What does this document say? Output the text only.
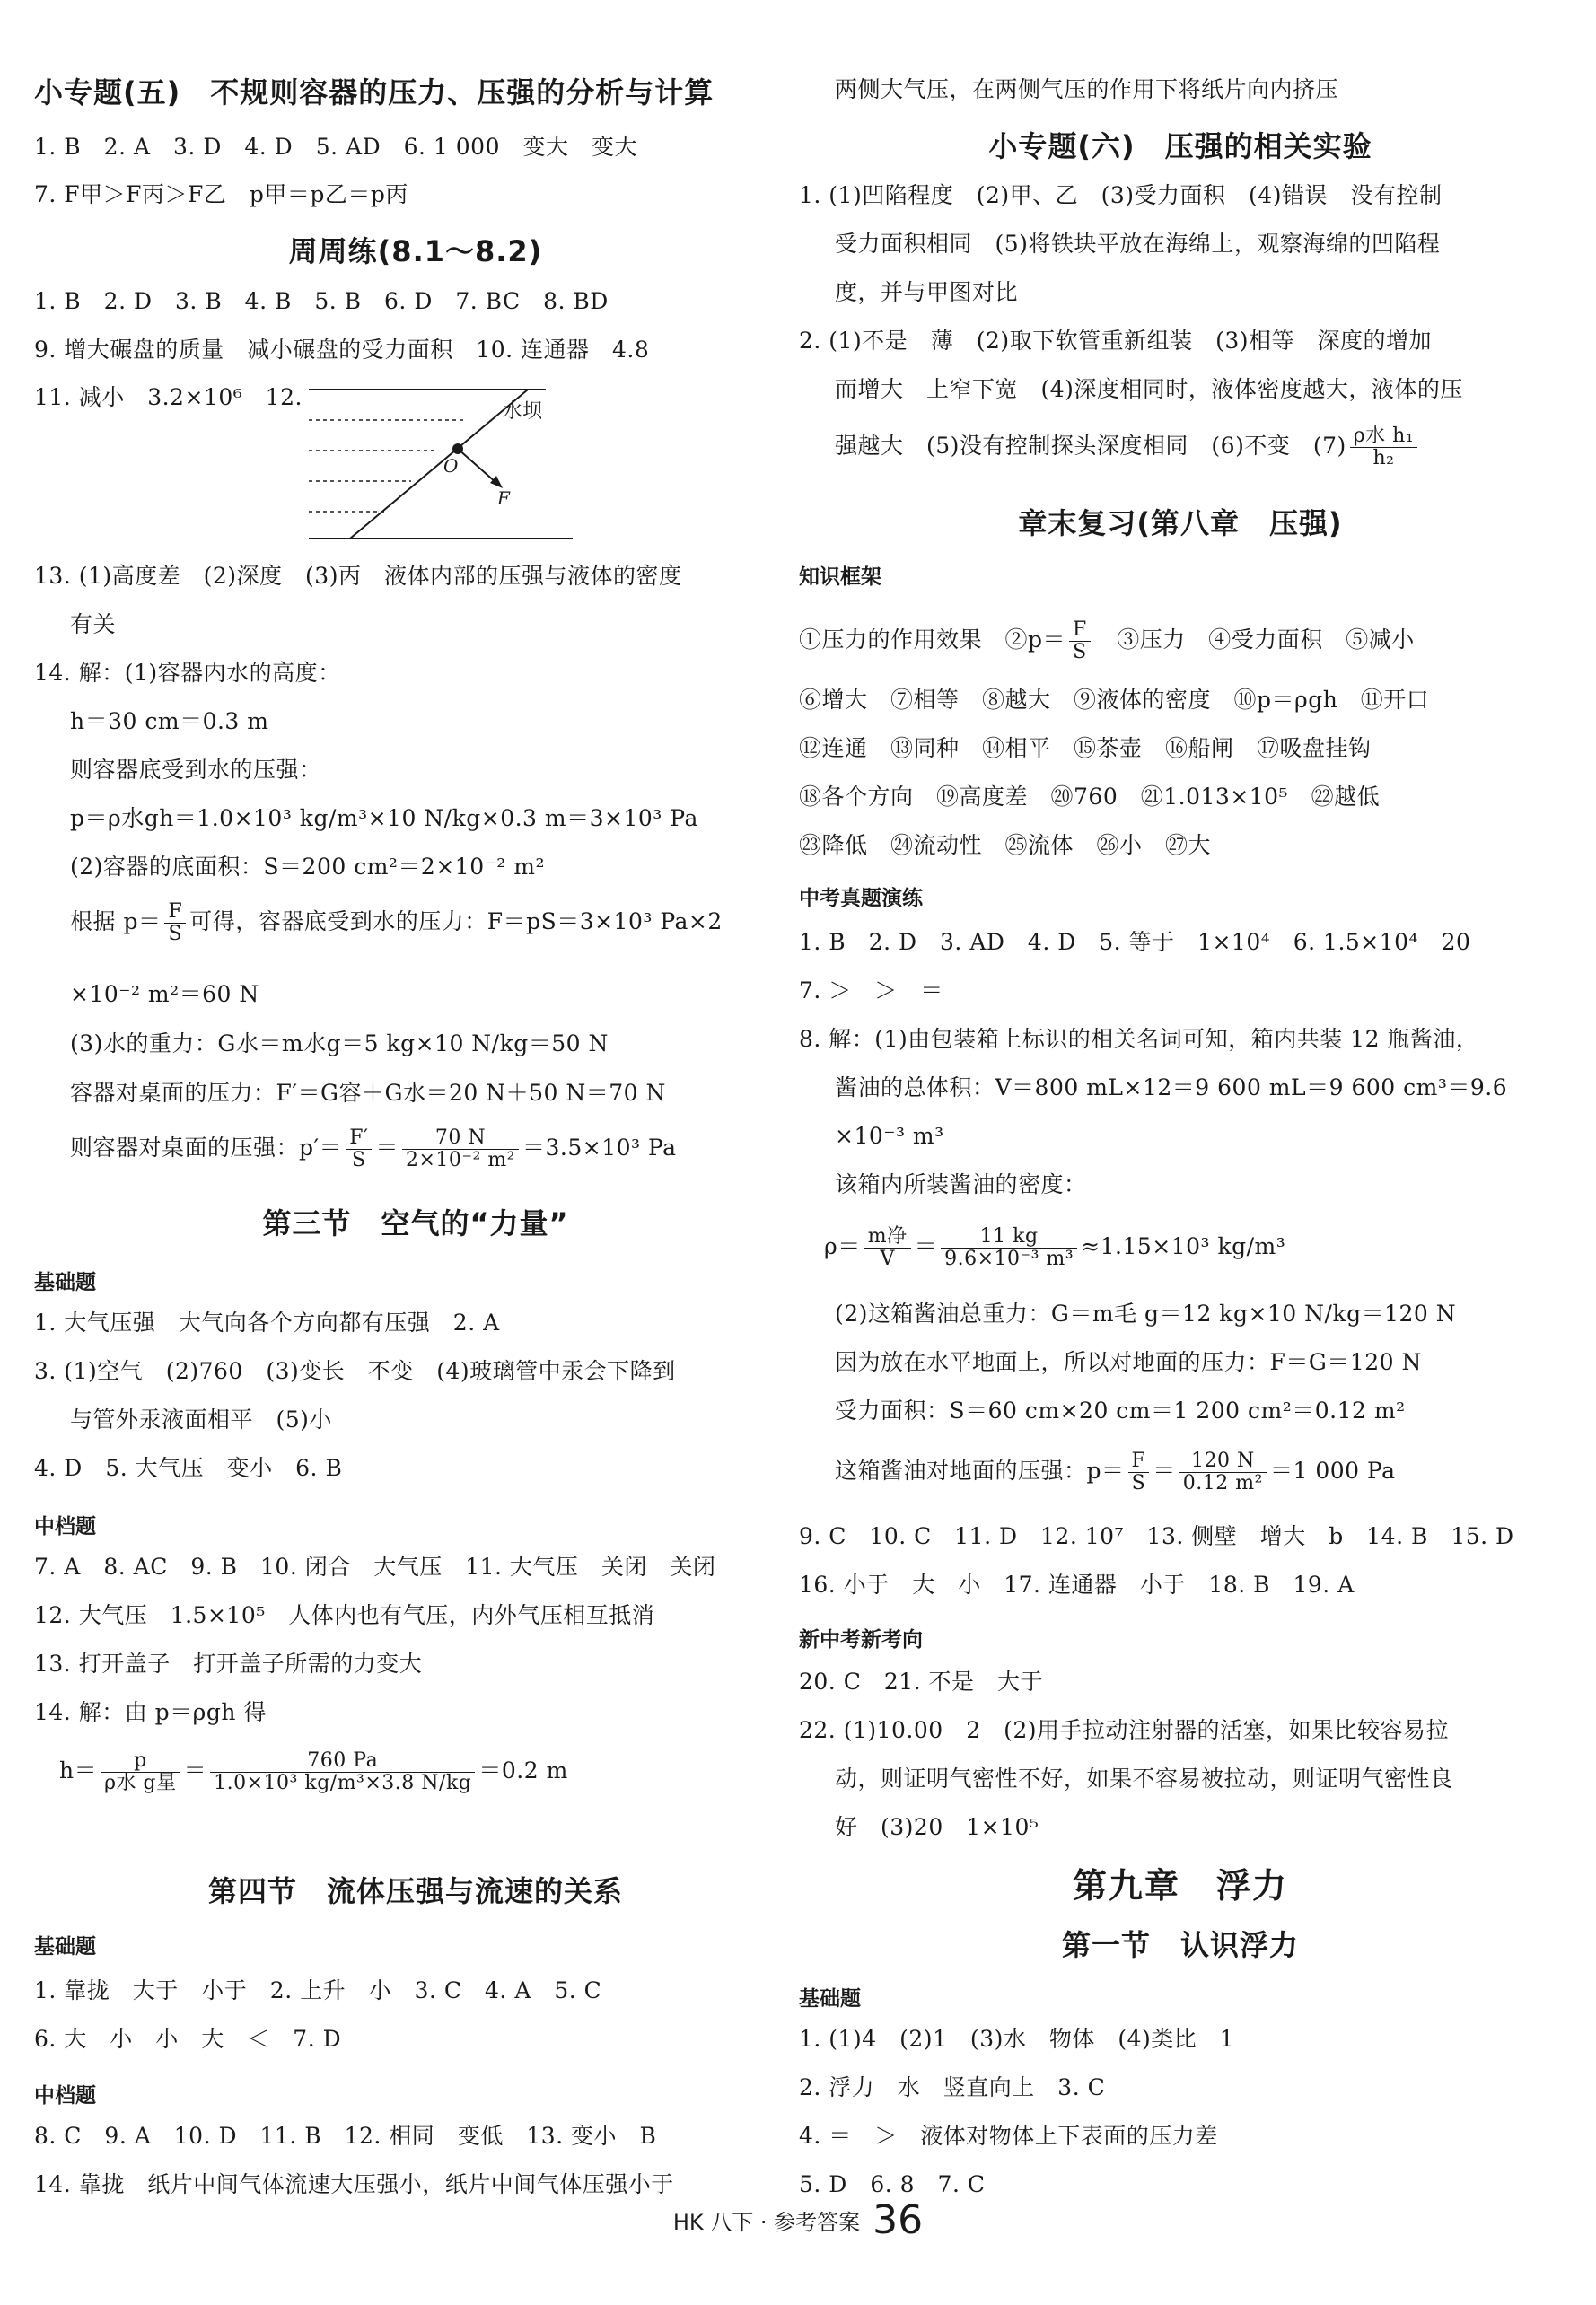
小专题(五)　不规则容器的压力、压强的分析与计算
1. B　2. A　3. D　4. D　5. AD　6. 1 000　变大　变大
7. F甲＞F丙＞F乙　p甲＝p乙＝p丙
周周练(8.1～8.2)
1. B　2. D　3. B　4. B　5. B　6. D　7. BC　8. BD
9. 增大碾盘的质量　减小碾盘的受力面积　10. 连通器　4.8
11. 减小　3.2×10⁶　12.
水坝
O
F
13. (1)高度差　(2)深度　(3)丙　液体内部的压强与液体的密度
有关
14. 解：(1)容器内水的高度：
h＝30 cm＝0.3 m
则容器底受到水的压强：
p＝ρ水gh＝1.0×10³ kg/m³×10 N/kg×0.3 m＝3×10³ Pa
(2)容器的底面积：S＝200 cm²＝2×10⁻² m²
根据 $p= \frac{F}{S}$ 可得，容器底受到水的压力：F＝pS＝3×10³ Pa×2
×10⁻² m²＝60 N
(3)水的重力：G水＝m水g＝5 kg×10 N/kg＝50 N
容器对桌面的压力：F′＝G容＋G水＝20 N＋50 N＝70 N
则容器对桌面的压强：$p'= \frac{F'}{S} = \frac{70 N}{\text{2×10⁻² m²}} =3.5\times 10^3$ Pa
第三节　空气的“力量”
基础题
1. 大气压强　大气向各个方向都有压强　2. A
3. (1)空气　(2)760　(3)变长　不变　(4)玻璃管中汞会下降到
与管外汞液面相平　(5)小
4. D　5. 大气压　变小　6. B
中档题
7. A　8. AC　9. B　10. 闭合　大气压　11. 大气压　关闭　关闭
12. 大气压　1.5×10⁵　人体内也有气压，内外气压相互抵消
13. 打开盖子　打开盖子所需的力变大
14. 解：由 p＝ρgh 得
$h= \frac{p}{\text{ρ水 g星}} = \frac{760 Pa}{\text{1.0×10³ kg/m³×3.8 N/kg}} =0.2$ m
第四节　流体压强与流速的关系
基础题
1. 靠拢　大于　小于　2. 上升　小　3. C　4. A　5. C
6. 大　小　小　大　＜　7. D
中档题
8. C　9. A　10. D　11. B　12. 相同　变低　13. 变小　B
14. 靠拢　纸片中间气体流速大压强小，纸片中间气体压强小于
两侧大气压，在两侧气压的作用下将纸片向内挤压
小专题(六)　压强的相关实验
1. (1)凹陷程度　(2)甲、乙　(3)受力面积　(4)错误　没有控制
受力面积相同　(5)将铁块平放在海绵上，观察海绵的凹陷程
度，并与甲图对比
2. (1)不是　薄　(2)取下软管重新组装　(3)相等　深度的增加
而增大　上窄下宽　(4)深度相同时，液体密度越大，液体的压
强越大　(5)没有控制探头深度相同　(6)不变　$(7) \frac{\text{ρ水 h₁}}{\text{h₂}}$
章末复习(第八章　压强)
知识框架
①压力的作用效果　②p＝ $\frac{F}{S}$ 　③压力　④受力面积　⑤减小
⑥增大　⑦相等　⑧越大　⑨液体的密度　⑩p＝ρgh　⑪开口
⑫连通　⑬同种　⑭相平　⑮茶壶　⑯船闸　⑰吸盘挂钩
⑱各个方向　⑲高度差　⑳760　㉑1.013×10⁵　㉒越低
㉓降低　㉔流动性　㉕流体　㉖小　㉗大
中考真题演练
1. B　2. D　3. AD　4. D　5. 等于　1×10⁴　6. 1.5×10⁴　20
7. ＞　＞　＝
8. 解：(1)由包装箱上标识的相关名词可知，箱内共装 12 瓶酱油，
酱油的总体积：V＝800 mL×12＝9 600 mL＝9 600 cm³＝9.6
×10⁻³ m³
该箱内所装酱油的密度：
$\rho= \frac{\text{m净}}{V} = \frac{11 kg}{\text{9.6×10⁻³ m³}} \approx 1.15\times 10^3$ kg/m³
(2)这箱酱油总重力：G＝m毛 g＝12 kg×10 N/kg＝120 N
因为放在水平地面上，所以对地面的压力：F＝G＝120 N
受力面积：S＝60 cm×20 cm＝1 200 cm²＝0.12 m²
这箱酱油对地面的压强：$p= \frac{F}{S} = \frac{120 N}{\text{0.12 m²}} =1$ 000 Pa
9. C　10. C　11. D　12. 10⁷　13. 侧壁　增大　b　14. B　15. D
16. 小于　大　小　17. 连通器　小于　18. B　19. A
新中考新考向
20. C　21. 不是　大于
22. (1)10.00　2　(2)用手拉动注射器的活塞，如果比较容易拉
动，则证明气密性不好，如果不容易被拉动，则证明气密性良
好　(3)20　1×10⁵
第九章　浮力
第一节　认识浮力
基础题
1. (1)4　(2)1　(3)水　物体　(4)类比　1
2. 浮力　水　竖直向上　3. C
4. ＝　＞　液体对物体上下表面的压力差
5. D　6. 8　7. C
HK 八下 · 参考答案 36
